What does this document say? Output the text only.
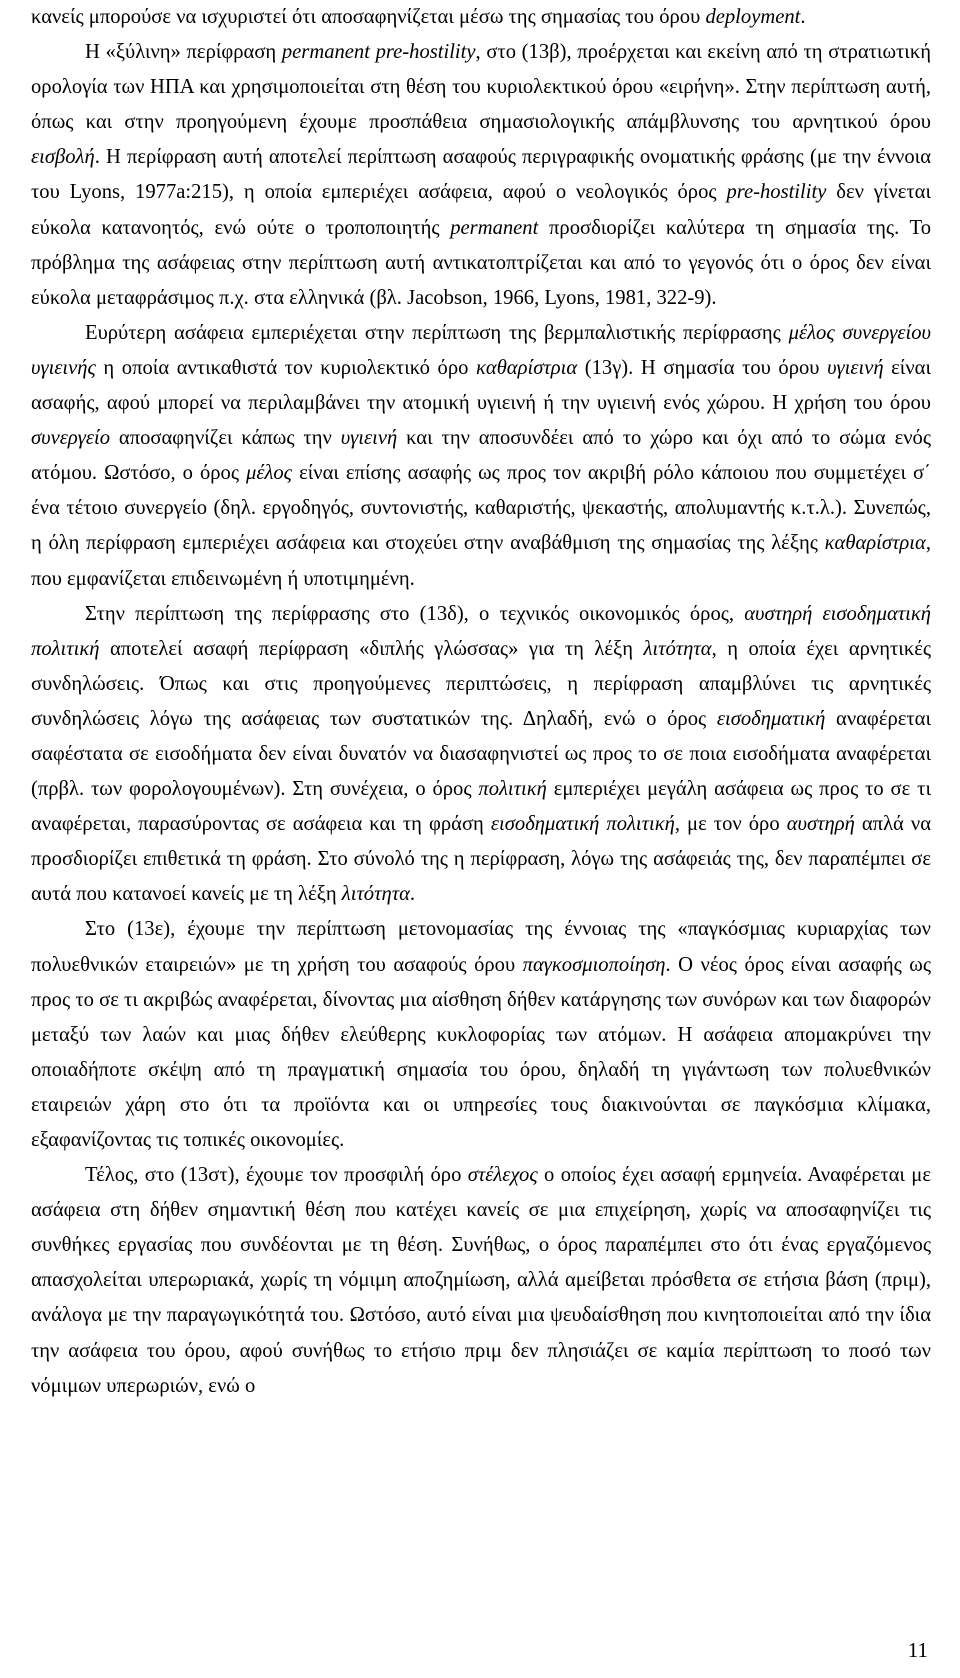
κανείς μπορούσε να ισχυριστεί ότι αποσαφηνίζεται μέσω της σημασίας του όρου deployment.

Η «ξύλινη» περίφραση permanent pre-hostility, στο (13β), προέρχεται και εκείνη από τη στρατιωτική ορολογία των ΗΠΑ και χρησιμοποιείται στη θέση του κυριολεκτικού όρου «ειρήνη». Στην περίπτωση αυτή, όπως και στην προηγούμενη έχουμε προσπάθεια σημασιολογικής απάμβλυνσης του αρνητικού όρου εισβολή. Η περίφραση αυτή αποτελεί περίπτωση ασαφούς περιγραφικής ονοματικής φράσης (με την έννοια του Lyons, 1977a:215), η οποία εμπεριέχει ασάφεια, αφού ο νεολογικός όρος pre-hostility δεν γίνεται εύκολα κατανοητός, ενώ ούτε ο τροποποιητής permanent προσδιορίζει καλύτερα τη σημασία της. Το πρόβλημα της ασάφειας στην περίπτωση αυτή αντικατοπτρίζεται και από το γεγονός ότι ο όρος δεν είναι εύκολα μεταφράσιμος π.χ. στα ελληνικά (βλ. Jacobson, 1966, Lyons, 1981, 322-9).

Ευρύτερη ασάφεια εμπεριέχεται στην περίπτωση της βερμπαλιστικής περίφρασης μέλος συνεργείου υγιεινής η οποία αντικαθιστά τον κυριολεκτικό όρο καθαρίστρια (13γ). Η σημασία του όρου υγιεινή είναι ασαφής, αφού μπορεί να περιλαμβάνει την ατομική υγιεινή ή την υγιεινή ενός χώρου. Η χρήση του όρου συνεργείο αποσαφηνίζει κάπως την υγιεινή και την αποσυνδέει από το χώρο και όχι από το σώμα ενός ατόμου. Ωστόσο, ο όρος μέλος είναι επίσης ασαφής ως προς τον ακριβή ρόλο κάποιου που συμμετέχει σ΄ ένα τέτοιο συνεργείο (δηλ. εργοδηγός, συντονιστής, καθαριστής, ψεκαστής, απολυμαντής κ.τ.λ.). Συνεπώς, η όλη περίφραση εμπεριέχει ασάφεια και στοχεύει στην αναβάθμιση της σημασίας της λέξης καθαρίστρια, που εμφανίζεται επιδεινωμένη ή υποτιμημένη.

Στην περίπτωση της περίφρασης στο (13δ), ο τεχνικός οικονομικός όρος, αυστηρή εισοδηματική πολιτική αποτελεί ασαφή περίφραση «διπλής γλώσσας» για τη λέξη λιτότητα, η οποία έχει αρνητικές συνδηλώσεις. Όπως και στις προηγούμενες περιπτώσεις, η περίφραση απαμβλύνει τις αρνητικές συνδηλώσεις λόγω της ασάφειας των συστατικών της. Δηλαδή, ενώ ο όρος εισοδηματική αναφέρεται σαφέστατα σε εισοδήματα δεν είναι δυνατόν να διασαφηνιστεί ως προς το σε ποια εισοδήματα αναφέρεται (πρβλ. των φορολογουμένων). Στη συνέχεια, ο όρος πολιτική εμπεριέχει μεγάλη ασάφεια ως προς το σε τι αναφέρεται, παρασύροντας σε ασάφεια και τη φράση εισοδηματική πολιτική, με τον όρο αυστηρή απλά να προσδιορίζει επιθετικά τη φράση. Στο σύνολό της η περίφραση, λόγω της ασάφειάς της, δεν παραπέμπει σε αυτά που κατανοεί κανείς με τη λέξη λιτότητα.

Στο (13ε), έχουμε την περίπτωση μετονομασίας της έννοιας της «παγκόσμιας κυριαρχίας των πολυεθνικών εταιρειών» με τη χρήση του ασαφούς όρου παγκοσμιοποίηση. Ο νέος όρος είναι ασαφής ως προς το σε τι ακριβώς αναφέρεται, δίνοντας μια αίσθηση δήθεν κατάργησης των συνόρων και των διαφορών μεταξύ των λαών και μιας δήθεν ελεύθερης κυκλοφορίας των ατόμων. Η ασάφεια απομακρύνει την οποιαδήποτε σκέψη από τη πραγματική σημασία του όρου, δηλαδή τη γιγάντωση των πολυεθνικών εταιρειών χάρη στο ότι τα προϊόντα και οι υπηρεσίες τους διακινούνται σε παγκόσμια κλίμακα, εξαφανίζοντας τις τοπικές οικονομίες.

Τέλος, στο (13στ), έχουμε τον προσφιλή όρο στέλεχος ο οποίος έχει ασαφή ερμηνεία. Αναφέρεται με ασάφεια στη δήθεν σημαντική θέση που κατέχει κανείς σε μια επιχείρηση, χωρίς να αποσαφηνίζει τις συνθήκες εργασίας που συνδέονται με τη θέση. Συνήθως, ο όρος παραπέμπει στο ότι ένας εργαζόμενος απασχολείται υπερωριακά, χωρίς τη νόμιμη αποζημίωση, αλλά αμείβεται πρόσθετα σε ετήσια βάση (πριμ), ανάλογα με την παραγωγικότητά του. Ωστόσο, αυτό είναι μια ψευδαίσθηση που κινητοποιείται από την ίδια την ασάφεια του όρου, αφού συνήθως το ετήσιο πριμ δεν πλησιάζει σε καμία περίπτωση το ποσό των νόμιμων υπερωριών, ενώ ο

11
